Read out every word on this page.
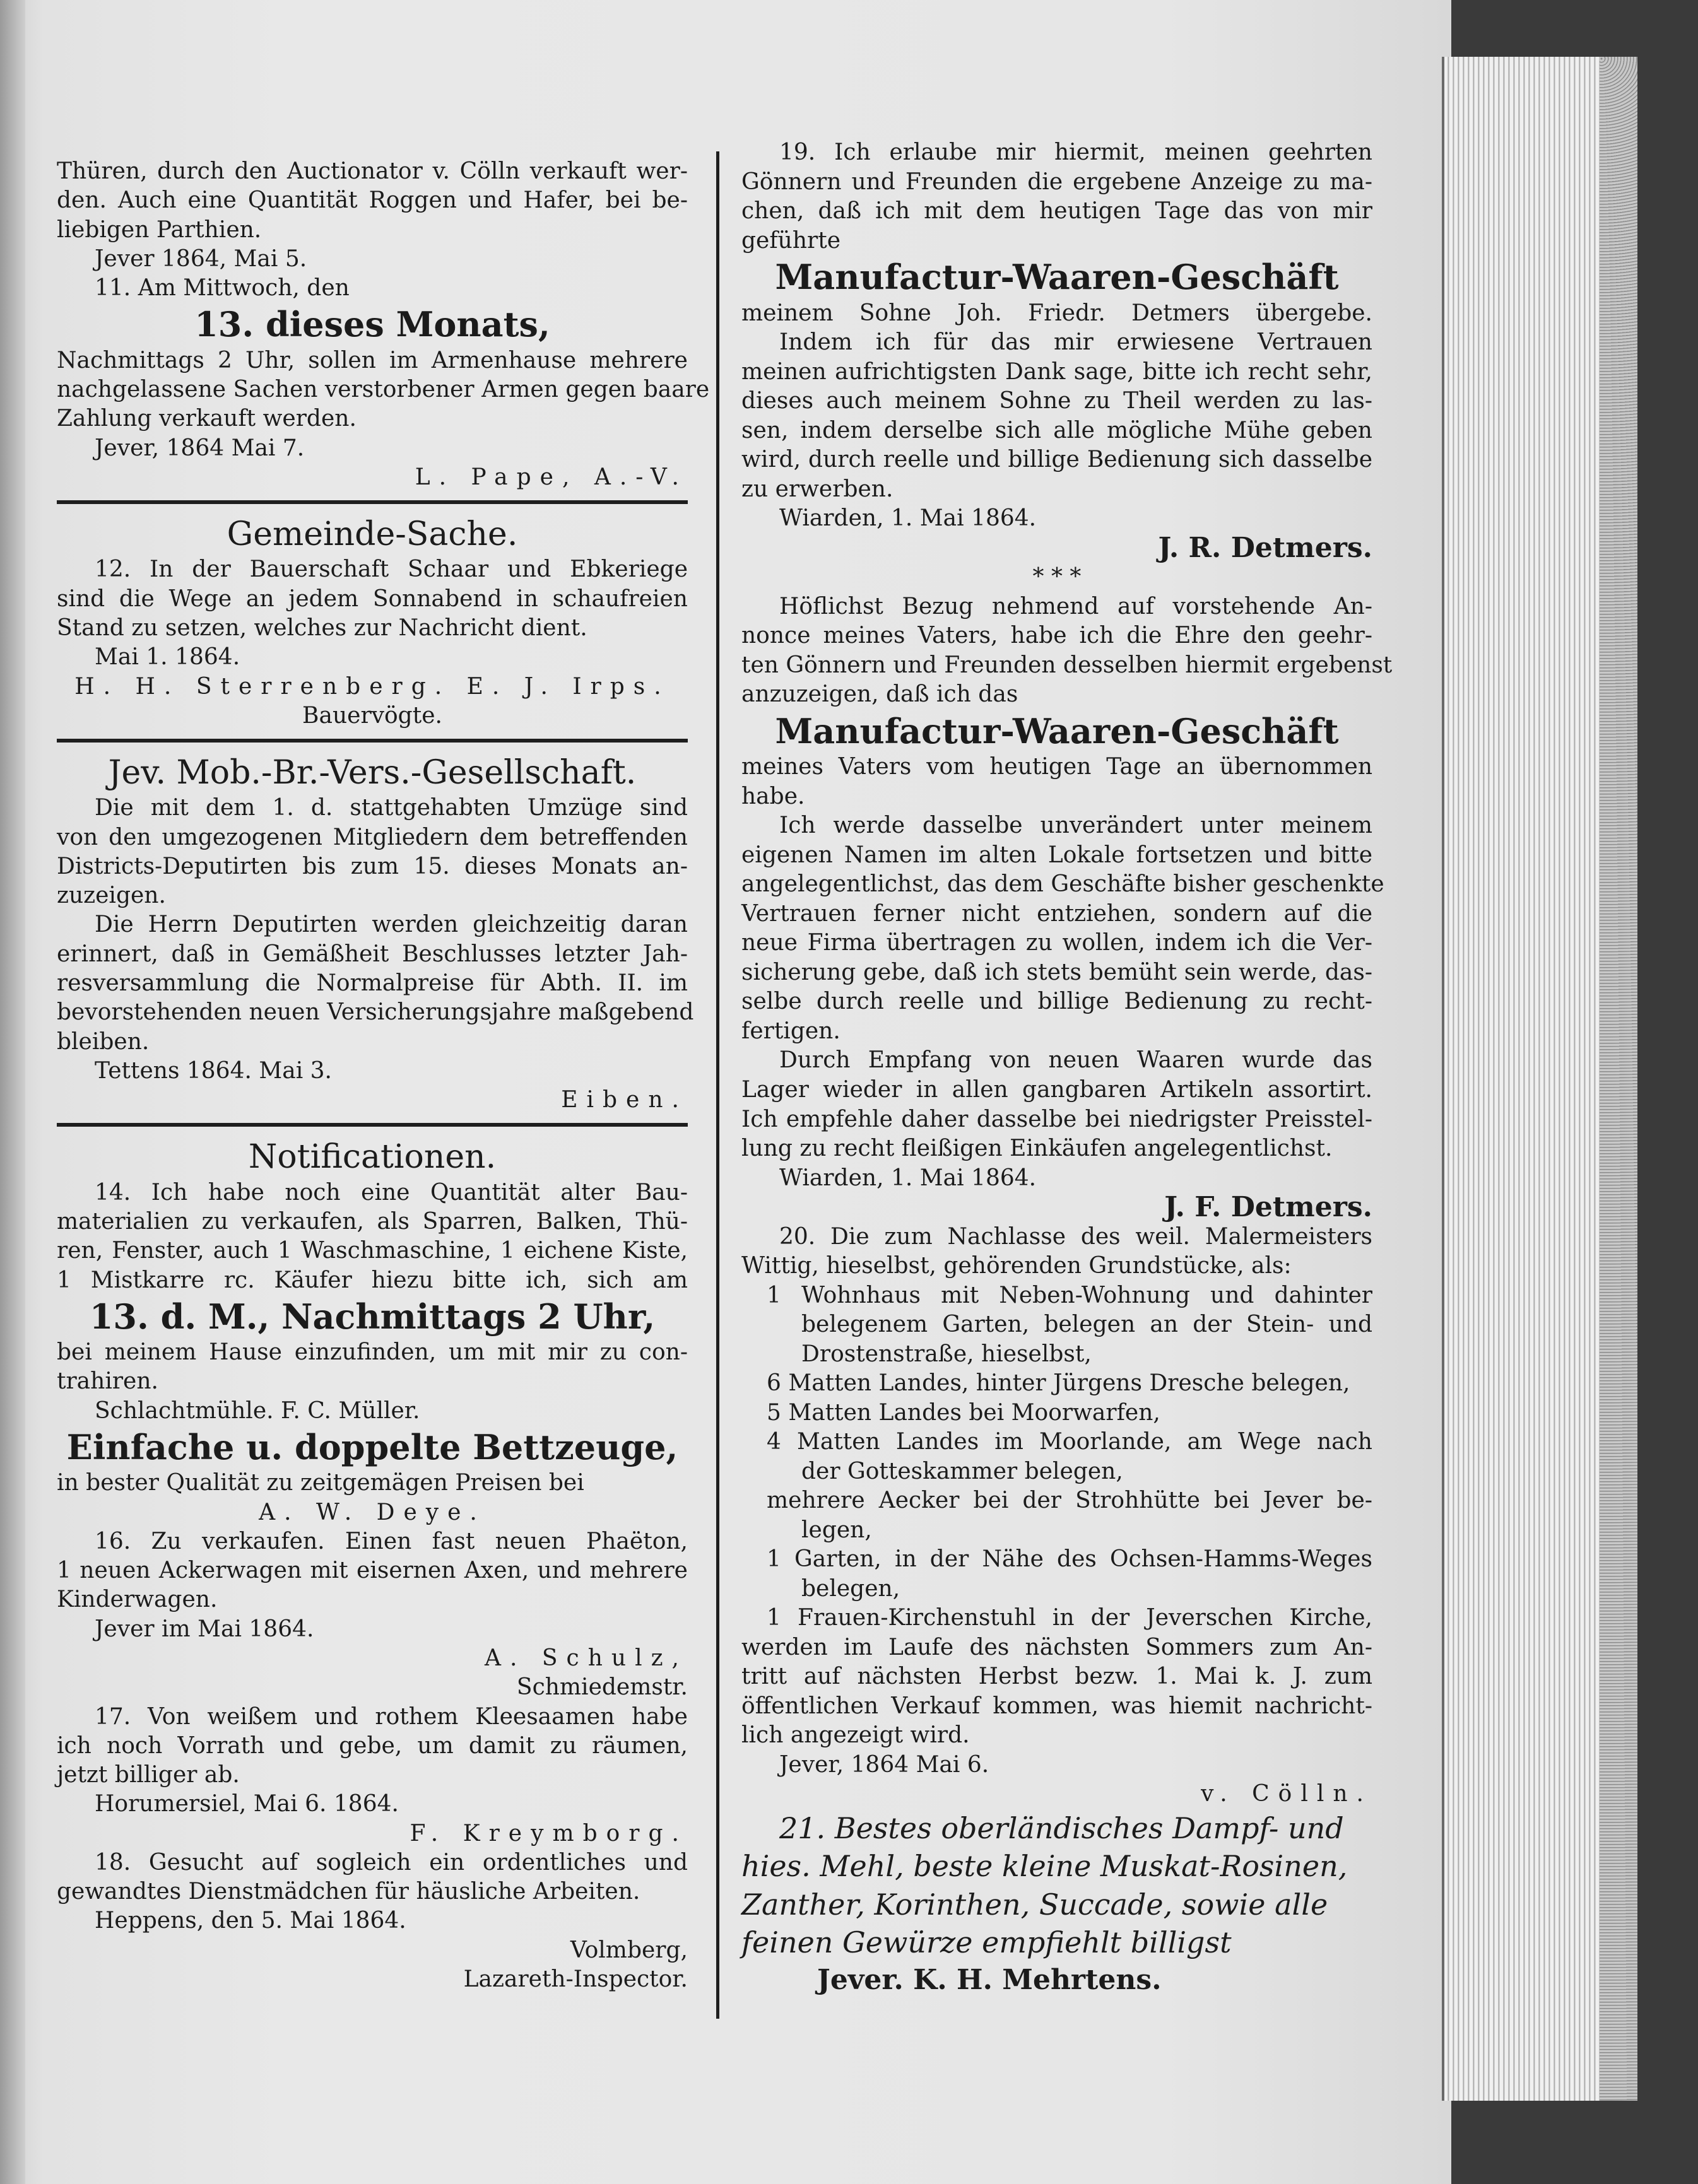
Thüren, durch den Auctionator v. Cölln verkauft wer-
den. Auch eine Quantität Roggen und Hafer, bei be-
liebigen Parthien.
Jever 1864, Mai 5.
11. Am Mittwoch, den
13. dieses Monats,
Nachmittags 2 Uhr, sollen im Armenhause mehrere
nachgelassene Sachen verstorbener Armen gegen baare
Zahlung verkauft werden.
Jever, 1864 Mai 7.
L. Pape, A.-V.
Gemeinde-Sache.
12. In der Bauerschaft Schaar und Ebkeriege
sind die Wege an jedem Sonnabend in schaufreien
Stand zu setzen, welches zur Nachricht dient.
Mai 1. 1864.
H. H. Sterrenberg. E. J. Irps.
Bauervögte.
Jev. Mob.-Br.-Vers.-Gesellschaft.
Die mit dem 1. d. stattgehabten Umzüge sind
von den umgezogenen Mitgliedern dem betreffenden
Districts-Deputirten bis zum 15. dieses Monats an-
zuzeigen.
Die Herrn Deputirten werden gleichzeitig daran
erinnert, daß in Gemäßheit Beschlusses letzter Jah-
resversammlung die Normalpreise für Abth. II. im
bevorstehenden neuen Versicherungsjahre maßgebend
bleiben.
Tettens 1864. Mai 3.
Eiben.
Notificationen.
14. Ich habe noch eine Quantität alter Bau-
materialien zu verkaufen, als Sparren, Balken, Thü-
ren, Fenster, auch 1 Waschmaschine, 1 eichene Kiste,
1 Mistkarre rc. Käufer hiezu bitte ich, sich am
13. d. M., Nachmittags 2 Uhr,
bei meinem Hause einzufinden, um mit mir zu con-
trahiren.
Schlachtmühle. F. C. Müller.
Einfache u. doppelte Bettzeuge,
in bester Qualität zu zeitgemägen Preisen bei
A. W. Deye.
16. Zu verkaufen. Einen fast neuen Phaëton,
1 neuen Ackerwagen mit eisernen Axen, und mehrere
Kinderwagen.
Jever im Mai 1864.
A. Schulz,
Schmiedemstr.
17. Von weißem und rothem Kleesaamen habe
ich noch Vorrath und gebe, um damit zu räumen,
jetzt billiger ab.
Horumersiel, Mai 6. 1864.
F. Kreymborg.
18. Gesucht auf sogleich ein ordentliches und
gewandtes Dienstmädchen für häusliche Arbeiten.
Heppens, den 5. Mai 1864.
Volmberg,
Lazareth-Inspector.
19. Ich erlaube mir hiermit, meinen geehrten
Gönnern und Freunden die ergebene Anzeige zu ma-
chen, daß ich mit dem heutigen Tage das von mir
geführte
Manufactur-Waaren-Geschäft
meinem Sohne Joh. Friedr. Detmers übergebe.
Indem ich für das mir erwiesene Vertrauen
meinen aufrichtigsten Dank sage, bitte ich recht sehr,
dieses auch meinem Sohne zu Theil werden zu las-
sen, indem derselbe sich alle mögliche Mühe geben
wird, durch reelle und billige Bedienung sich dasselbe
zu erwerben.
Wiarden, 1. Mai 1864.
J. R. Detmers.
* * *
Höflichst Bezug nehmend auf vorstehende An-
nonce meines Vaters, habe ich die Ehre den geehr-
ten Gönnern und Freunden desselben hiermit ergebenst
anzuzeigen, daß ich das
Manufactur-Waaren-Geschäft
meines Vaters vom heutigen Tage an übernommen
habe.
Ich werde dasselbe unverändert unter meinem
eigenen Namen im alten Lokale fortsetzen und bitte
angelegentlichst, das dem Geschäfte bisher geschenkte
Vertrauen ferner nicht entziehen, sondern auf die
neue Firma übertragen zu wollen, indem ich die Ver-
sicherung gebe, daß ich stets bemüht sein werde, das-
selbe durch reelle und billige Bedienung zu recht-
fertigen.
Durch Empfang von neuen Waaren wurde das
Lager wieder in allen gangbaren Artikeln assortirt.
Ich empfehle daher dasselbe bei niedrigster Preisstel-
lung zu recht fleißigen Einkäufen angelegentlichst.
Wiarden, 1. Mai 1864.
J. F. Detmers.
20. Die zum Nachlasse des weil. Malermeisters
Wittig, hieselbst, gehörenden Grundstücke, als:
1 Wohnhaus mit Neben-Wohnung und dahinter
belegenem Garten, belegen an der Stein- und
Drostenstraße, hieselbst,
6 Matten Landes, hinter Jürgens Dresche belegen,
5 Matten Landes bei Moorwarfen,
4 Matten Landes im Moorlande, am Wege nach
der Gotteskammer belegen,
mehrere Aecker bei der Strohhütte bei Jever be-
legen,
1 Garten, in der Nähe des Ochsen-Hamms-Weges
belegen,
1 Frauen-Kirchenstuhl in der Jeverschen Kirche,
werden im Laufe des nächsten Sommers zum An-
tritt auf nächsten Herbst bezw. 1. Mai k. J. zum
öffentlichen Verkauf kommen, was hiemit nachricht-
lich angezeigt wird.
Jever, 1864 Mai 6.
v. Cölln.
21. Bestes oberländisches Dampf- und
hies. Mehl, beste kleine Muskat-Rosinen,
Zanther, Korinthen, Succade, sowie alle
feinen Gewürze empfiehlt billigst
Jever. K. H. Mehrtens.
